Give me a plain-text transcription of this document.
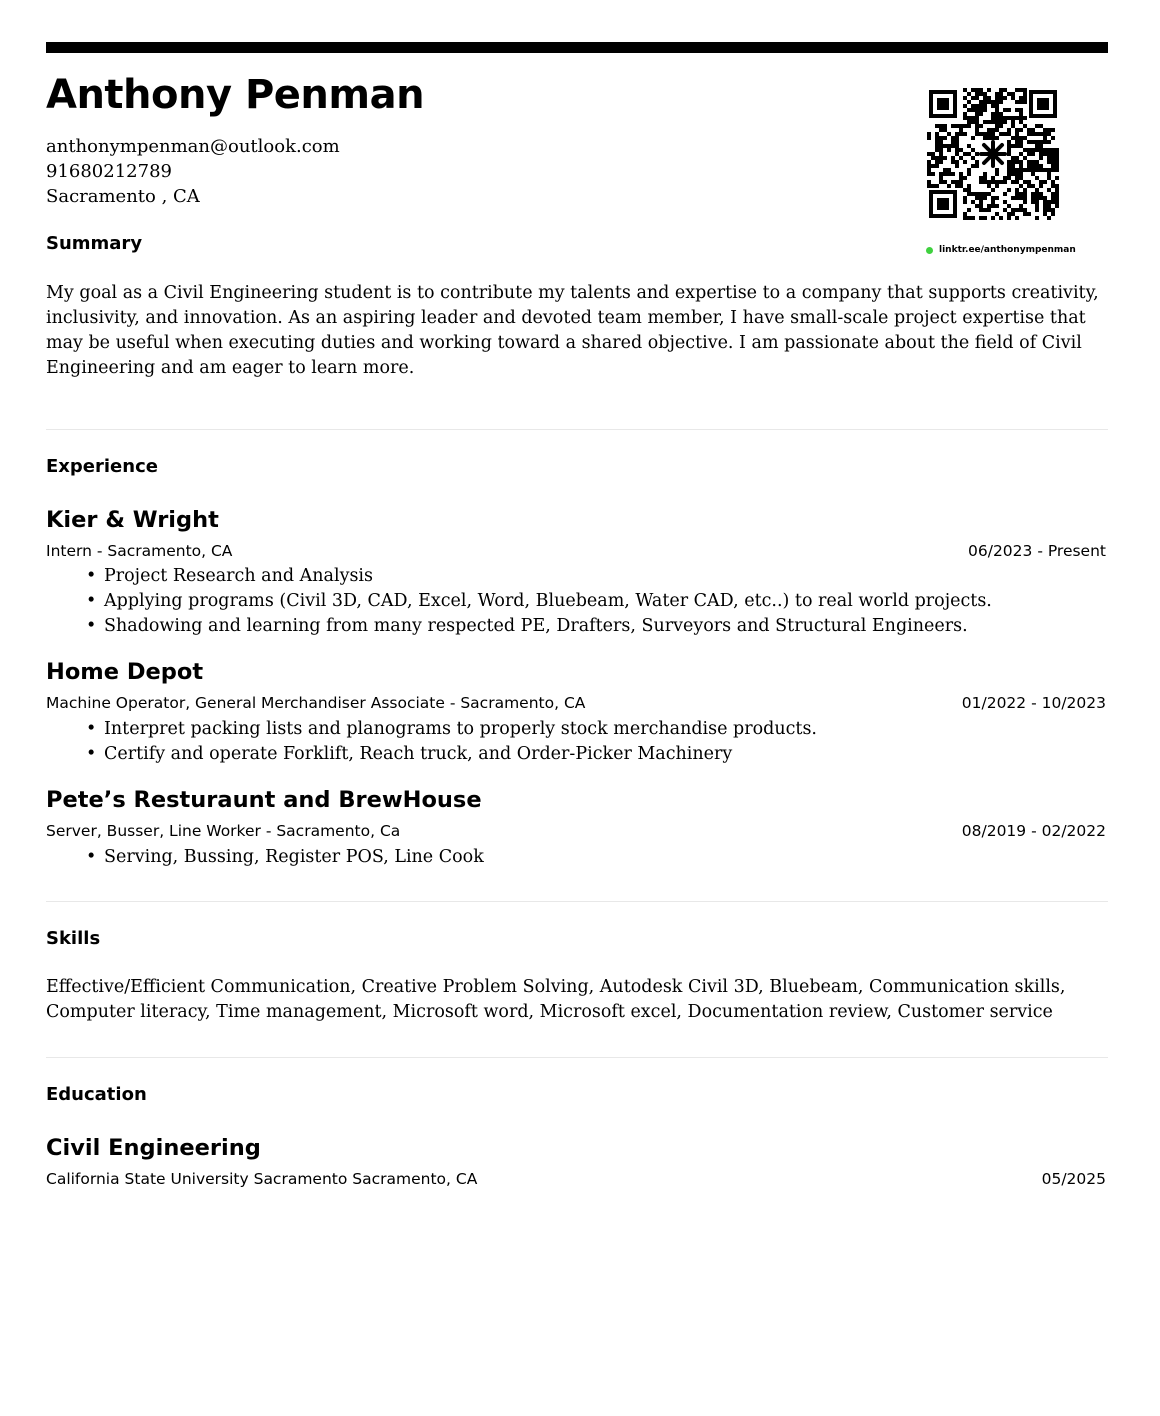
Anthony Penman
anthonympenman@outlook.com
91680212789
Sacramento , CA
linktr.ee/anthonympenman
Summary

My goal as a Civil Engineering student is to contribute my talents and expertise to a company that supports creativity, inclusivity, and innovation. As an aspiring leader and devoted team member, I have small-scale project expertise that may be useful when executing duties and working toward a shared objective. I am passionate about the field of Civil Engineering and am eager to learn more.

Experience
Kier & Wright
Intern - Sacramento, CA	06/2023 - Present
• Project Research and Analysis
• Applying programs (Civil 3D, CAD, Excel, Word, Bluebeam, Water CAD, etc..) to real world projects.
• Shadowing and learning from many respected PE, Drafters, Surveyors and Structural Engineers.
Home Depot
Machine Operator, General Merchandiser Associate - Sacramento, CA	01/2022 - 10/2023
• Interpret packing lists and planograms to properly stock merchandise products.
• Certify and operate Forklift, Reach truck, and Order-Picker Machinery
Pete’s Resturaunt and BrewHouse
Server, Busser, Line Worker - Sacramento, Ca	08/2019 - 02/2022
• Serving, Bussing, Register POS, Line Cook
Skills

Effective/Efficient Communication, Creative Problem Solving, Autodesk Civil 3D, Bluebeam, Communication skills, Computer literacy, Time management, Microsoft word, Microsoft excel, Documentation review, Customer service

Education
Civil Engineering
California State University Sacramento Sacramento, CA	05/2025
